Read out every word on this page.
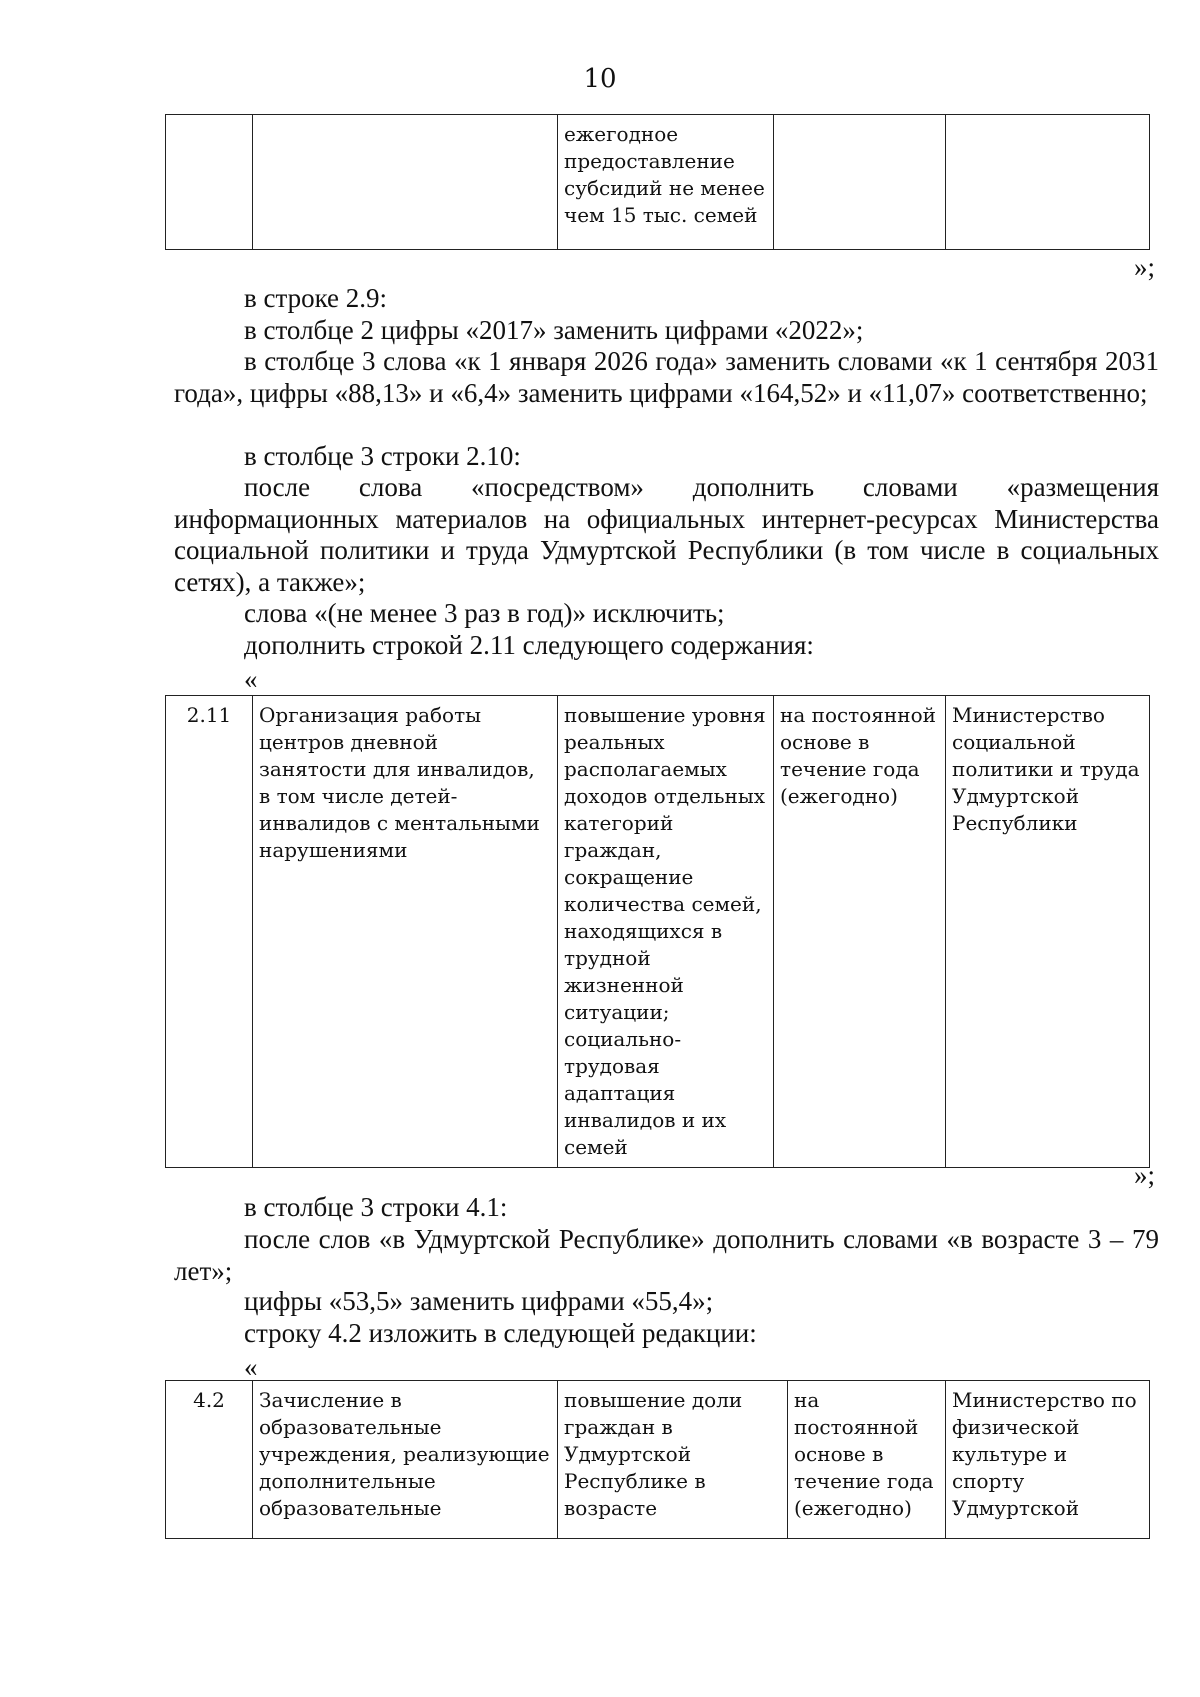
10
		ежегодное предоставление субсидий не менее чем 15 тыс. семей		
»;
в строке 2.9:
в столбце 2 цифры «2017» заменить цифрами «2022»;
в столбце 3 слова «к 1 января 2026 года» заменить словами «к 1 сентября 2031 года», цифры «88,13» и «6,4» заменить цифрами «164,52» и «11,07» соответственно;
в столбце 3 строки 2.10:
после слова «посредством» дополнить словами «размещения информационных материалов на официальных интернет-ресурсах Министерства социальной политики и труда Удмуртской Республики (в том числе в социальных сетях), а также»;
слова «(не менее 3 раз в год)» исключить;
дополнить строкой 2.11 следующего содержания:
«
2.11	Организация работы центров дневной занятости для инвалидов, в том числе детей-инвалидов с ментальными нарушениями	повышение уровня реальных располагаемых доходов отдельных категорий граждан, сокращение количества семей, находящихся в трудной жизненной ситуации; социально-трудовая адаптация инвалидов и их семей	на постоянной основе в течение года (ежегодно)	Министерство социальной политики и труда Удмуртской Республики
»;
в столбце 3 строки 4.1:
после слов «в Удмуртской Республике» дополнить словами «в возрасте 3 – 79 лет»;
цифры «53,5» заменить цифрами «55,4»;
строку 4.2 изложить в следующей редакции:
«
4.2	Зачисление в образовательные учреждения, реализующие дополнительные образовательные	повышение доли граждан в Удмуртской Республике в возрасте	на постоянной основе в течение года (ежегодно)	Министерство по физической культуре и спорту Удмуртской
